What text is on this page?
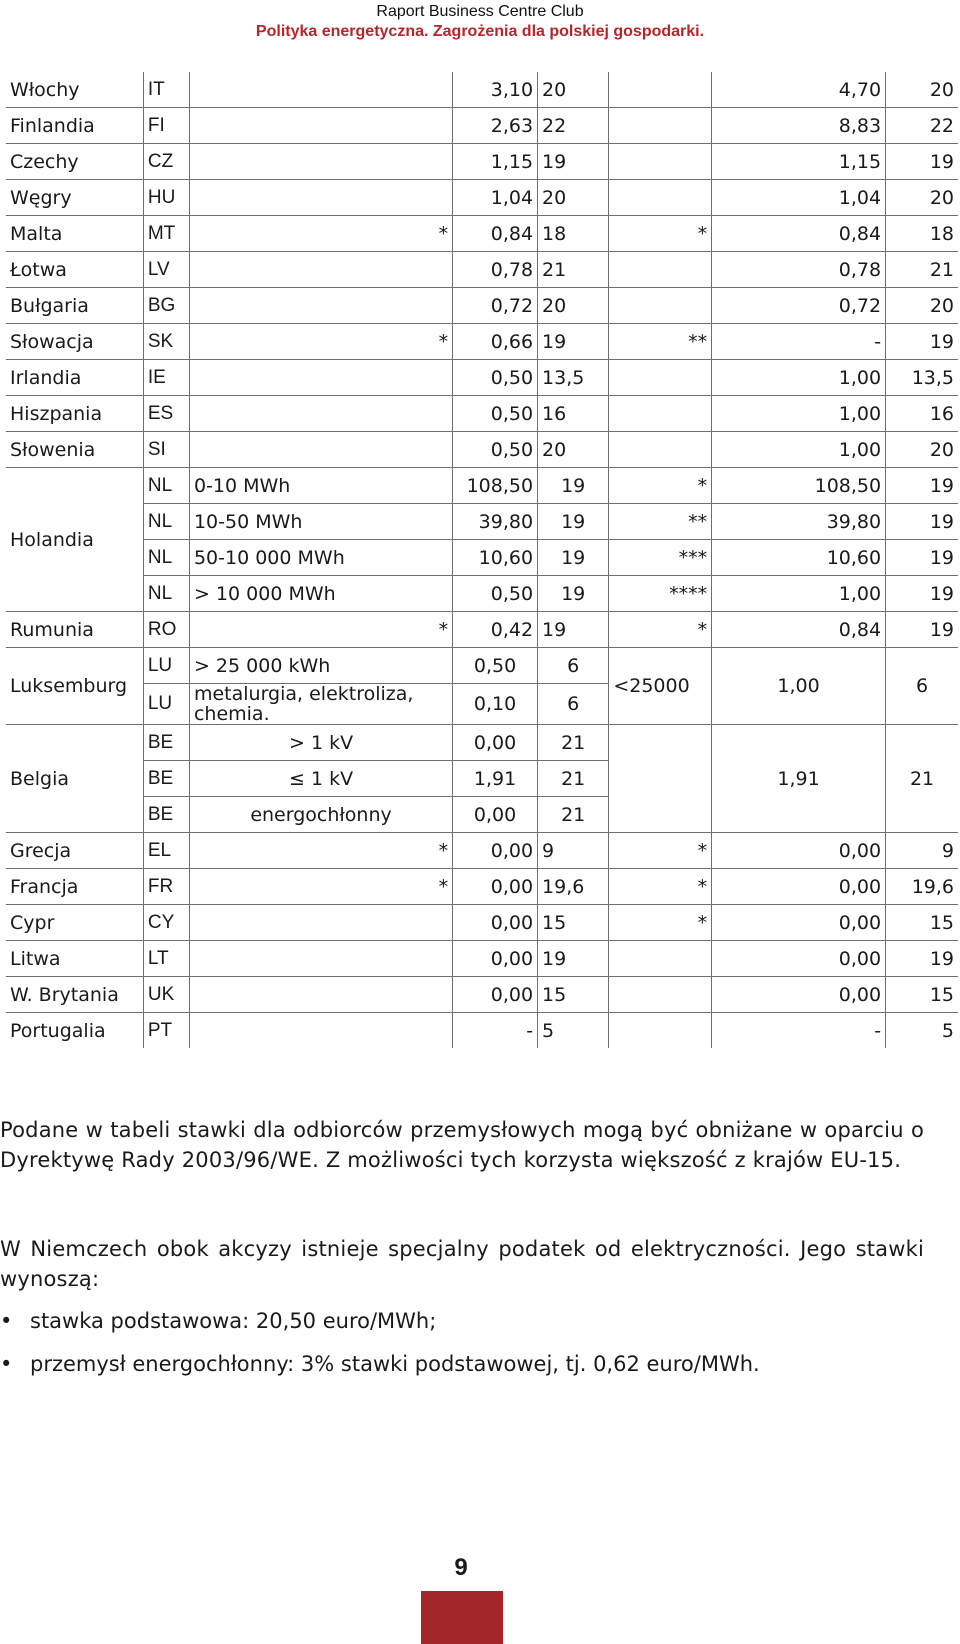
Raport Business Centre Club
Polityka energetyczna. Zagrożenia dla polskiej gospodarki.
Włochy	IT		3,10	20		4,70	20
Finlandia	FI		2,63	22		8,83	22
Czechy	CZ		1,15	19		1,15	19
Węgry	HU		1,04	20		1,04	20
Malta	MT	*	0,84	18	*	0,84	18
Łotwa	LV		0,78	21		0,78	21
Bułgaria	BG		0,72	20		0,72	20
Słowacja	SK	*	0,66	19	**	-	19
Irlandia	IE		0,50	13,5		1,00	13,5
Hiszpania	ES		0,50	16		1,00	16
Słowenia	SI		0,50	20		1,00	20
Holandia	NL	0-10 MWh	108,50	19	*	108,50	19
	NL	10-50 MWh	39,80	19	**	39,80	19
	NL	50-10 000 MWh	10,60	19	***	10,60	19
	NL	> 10 000 MWh	0,50	19	****	1,00	19
Rumunia	RO	*	0,42	19	*	0,84	19
Luksemburg	LU	> 25 000 kWh	0,50	6	<25000	1,00	6
	LU	metalurgia, elektroliza, chemia.	0,10	6			
Belgia	BE	> 1 kV	0,00	21		1,91	21
	BE	≤ 1 kV	1,91	21			
	BE	energochłonny	0,00	21			
Grecja	EL	*	0,00	9	*	0,00	9
Francja	FR	*	0,00	19,6	*	0,00	19,6
Cypr	CY		0,00	15	*	0,00	15
Litwa	LT		0,00	19		0,00	19
W. Brytania	UK		0,00	15		0,00	15
Portugalia	PT		-	5		-	5
Podane w tabeli stawki dla odbiorców przemysłowych mogą być obniżane w oparciu o Dyrektywę Rady 2003/96/WE. Z możliwości tych korzysta większość z krajów EU-15.
W Niemczech obok akcyzy istnieje specjalny podatek od elektryczności. Jego stawki wynoszą:
• stawka podstawowa: 20,50 euro/MWh;
• przemysł energochłonny: 3% stawki podstawowej, tj. 0,62 euro/MWh.
9
